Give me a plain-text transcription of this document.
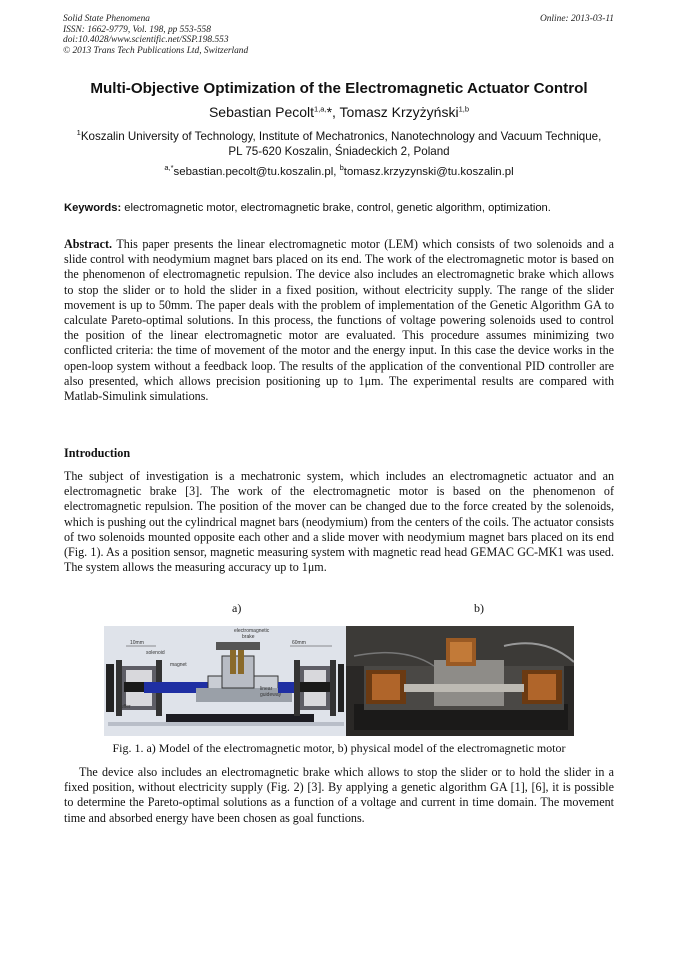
Solid State Phenomena
ISSN: 1662-9779, Vol. 198, pp 553-558
doi:10.4028/www.scientific.net/SSP.198.553
© 2013 Trans Tech Publications Ltd, Switzerland
Online: 2013-03-11
Multi-Objective Optimization of the Electromagnetic Actuator Control
Sebastian Pecolt$^{1,a,}$*, Tomasz Krzyżyński$^{1,b}$
$^1$Koszalin University of Technology, Institute of Mechatronics, Nanotechnology and Vacuum Technique, PL 75-620 Koszalin, Śniadeckich 2, Poland
$^{a,*}$sebastian.pecolt@tu.koszalin.pl, $^b$tomasz.krzyzynski@tu.koszalin.pl
Keywords: electromagnetic motor, electromagnetic brake, control, genetic algorithm, optimization.

Abstract. This paper presents the linear electromagnetic motor (LEM) which consists of two solenoids and a slide control with neodymium magnet bars placed on its end. The work of the electromagnetic motor is based on the phenomenon of electromagnetic repulsion. The device also includes an electromagnetic brake which allows to stop the slider or to hold the slider in a fixed position, without electricity supply. The range of the slider movement is up to 50mm. The paper deals with the problem of implementation of the Genetic Algorithm GA to calculate Pareto-optimal solutions. In this process, the functions of voltage powering solenoids used to control the position of the linear electromagnetic motor are evaluated. This procedure assumes minimizing two conflicted criteria: the time of movement of the motor and the energy input. In this case the device works in the open-loop system without a feedback loop. The results of the application of the conventional PID controller are also presented, which allows precision positioning up to 1μm. The experimental results are compared with Matlab-Simulink simulations.

Introduction

The subject of investigation is a mechatronic system, which includes an electromagnetic actuator and an electromagnetic brake [3]. The work of the electromagnetic motor is based on the phenomenon of electromagnetic repulsion. The position of the mover can be changed due to the force created by the solenoids, which is pushing out the cylindrical magnet bars (neodymium) from the centers of the coils. The actuator consists of two solenoids mounted opposite each other and a slide mover with neodymium magnet bars placed on its end (Fig. 1). As a position sensor, magnetic measuring system with magnetic read head GEMAC GC-MK1 was used. The system allows the measuring accuracy up to 1μm.

a)	b)
electromagnetic
brake
10mm	60mm
solenoid
magnet
buffer
linear
guideway
Fig. 1. a) Model of the electromagnetic motor, b) physical model of the electromagnetic motor

The device also includes an electromagnetic brake which allows to stop the slider or to hold the slider in a fixed position, without electricity supply (Fig. 2) [3]. By applying a genetic algorithm GA [1], [6], it is possible to determine the Pareto-optimal solutions as a function of a voltage and current in time domain. The movement time and absorbed energy have been chosen as goal functions.
